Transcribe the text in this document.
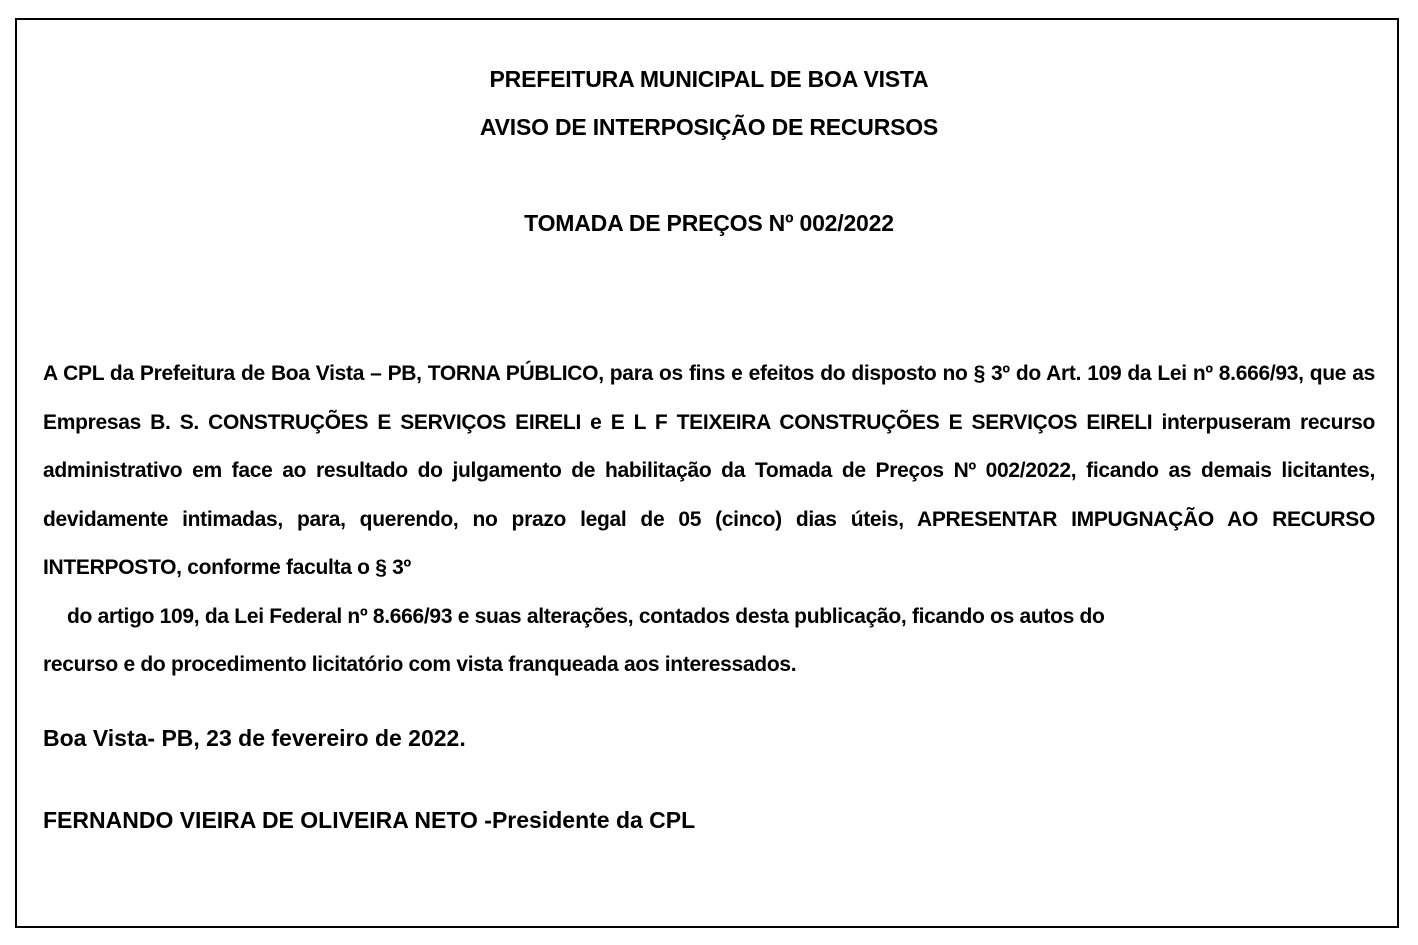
PREFEITURA MUNICIPAL DE BOA VISTA
AVISO DE INTERPOSIÇÃO DE RECURSOS
TOMADA DE PREÇOS Nº 002/2022
A CPL da Prefeitura de Boa Vista – PB, TORNA PÚBLICO, para os fins e efeitos do disposto no § 3º do Art. 109 da Lei nº 8.666/93, que as Empresas B. S. CONSTRUÇÕES E SERVIÇOS EIRELI e E L F TEIXEIRA CONSTRUÇÕES E SERVIÇOS EIRELI interpuseram recurso administrativo em face ao resultado do julgamento de habilitação da Tomada de Preços Nº 002/2022, ficando as demais licitantes, devidamente intimadas, para, querendo, no prazo legal de 05 (cinco) dias úteis, APRESENTAR IMPUGNAÇÃO AO RECURSO INTERPOSTO, conforme faculta o § 3º
do artigo 109, da Lei Federal nº 8.666/93 e suas alterações, contados desta publicação, ficando os autos do
recurso e do procedimento licitatório com vista franqueada aos interessados.
Boa Vista- PB, 23 de fevereiro de 2022.
FERNANDO VIEIRA DE OLIVEIRA NETO -Presidente da CPL
